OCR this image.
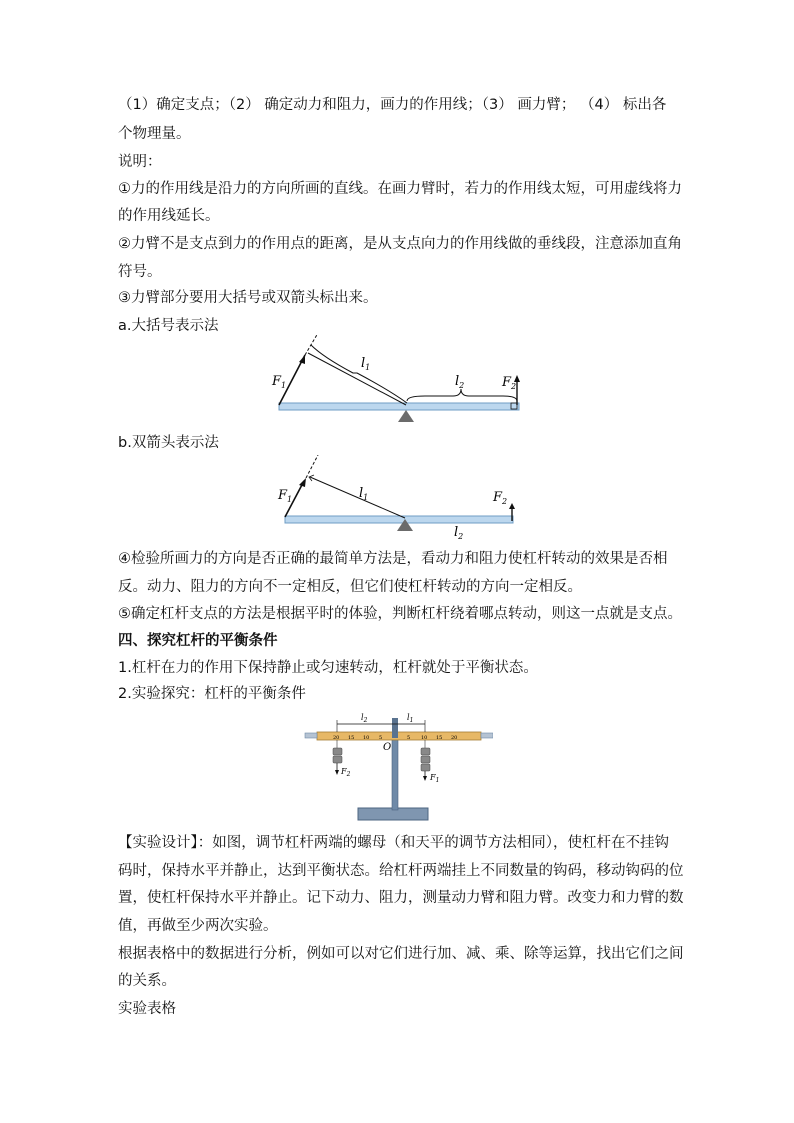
（1）确定支点；（2） 确定动力和阻力，画力的作用线；（3） 画力臂； （4） 标出各
个物理量。
说明：
①力的作用线是沿力的方向所画的直线。在画力臂时，若力的作用线太短，可用虚线将力
的作用线延长。
②力臂不是支点到力的作用点的距离，是从支点向力的作用线做的垂线段，注意添加直角
符号。
③力臂部分要用大括号或双箭头标出来。
a.大括号表示法
$F_1$
$l_1$
$l_2$	$F_2$
b.双箭头表示法
$F_1$	$l_1$
$l_2$
$F_2$
④检验所画力的方向是否正确的最简单方法是，看动力和阻力使杠杆转动的效果是否相
反。动力、阻力的方向不一定相反，但它们使杠杆转动的方向一定相反。
⑤确定杠杆支点的方法是根据平时的体验，判断杠杆绕着哪点转动，则这一点就是支点。
四、探究杠杆的平衡条件
1.杠杆在力的作用下保持静止或匀速转动，杠杆就处于平衡状态。
2.实验探究：杠杆的平衡条件
$l_2$	$l_1$
20 15 10 5	5 10 15 20
O
$F_2$	$F_1$
【实验设计】：如图，调节杠杆两端的螺母（和天平的调节方法相同），使杠杆在不挂钩
码时，保持水平并静止，达到平衡状态。给杠杆两端挂上不同数量的钩码，移动钩码的位
置，使杠杆保持水平并静止。记下动力、阻力，测量动力臂和阻力臂。改变力和力臂的数
值，再做至少两次实验。
根据表格中的数据进行分析，例如可以对它们进行加、减、乘、除等运算，找出它们之间
的关系。
实验表格
